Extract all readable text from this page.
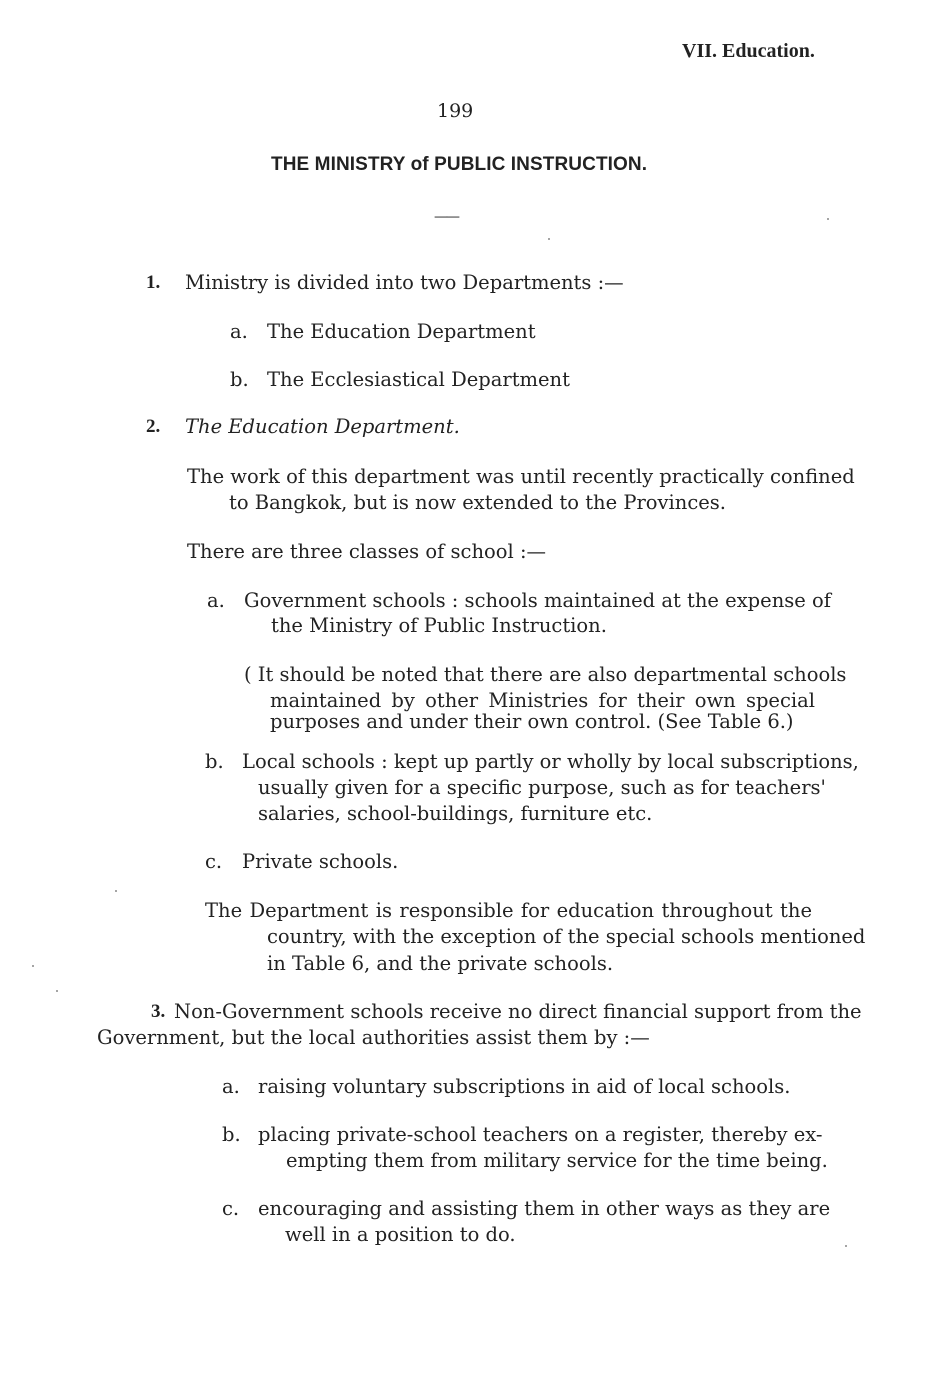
VII. Education.
199
THE MINISTRY of PUBLIC INSTRUCTION.
——
1. Ministry is divided into two Departments :—
a. The Education Department
b. The Ecclesiastical Department
2. The Education Department.
The work of this department was until recently practically confined
to Bangkok, but is now extended to the Provinces.
There are three classes of school :—
a. Government schools : schools maintained at the expense of
the Ministry of Public Instruction.
( It should be noted that there are also departmental schools
maintained by other Ministries for their own special
purposes and under their own control. (See Table 6.)
b. Local schools : kept up partly or wholly by local subscriptions,
usually given for a specific purpose, such as for teachers'
salaries, school-buildings, furniture etc.
c. Private schools.
The Department is responsible for education throughout the
country, with the exception of the special schools mentioned
in Table 6, and the private schools.
3. Non-Government schools receive no direct financial support from the
Government, but the local authorities assist them by :—
a. raising voluntary subscriptions in aid of local schools.
b. placing private-school teachers on a register, thereby ex-
empting them from military service for the time being.
c. encouraging and assisting them in other ways as they are
well in a position to do.
